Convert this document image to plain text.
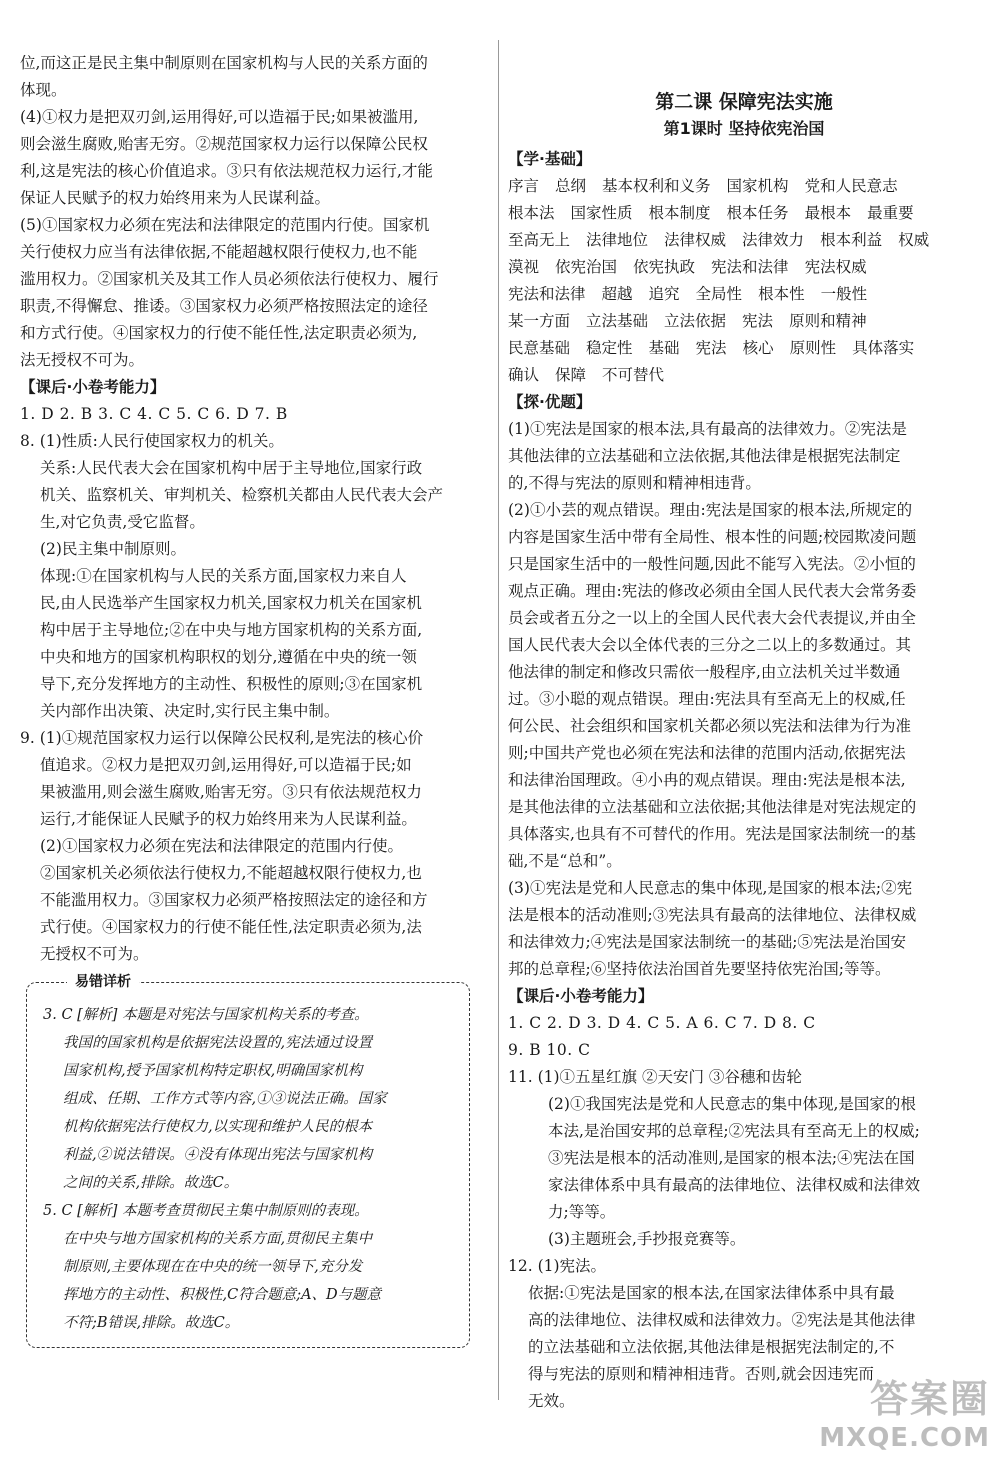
位,而这正是民主集中制原则在国家机构与人民的关系方面的

体现。

(4)①权力是把双刃剑,运用得好,可以造福于民;如果被滥用,

则会滋生腐败,贻害无穷。②规范国家权力运行以保障公民权

利,这是宪法的核心价值追求。③只有依法规范权力运行,才能

保证人民赋予的权力始终用来为人民谋利益。

(5)①国家权力必须在宪法和法律限定的范围内行使。国家机

关行使权力应当有法律依据,不能超越权限行使权力,也不能

滥用权力。②国家机关及其工作人员必须依法行使权力、履行

职责,不得懈怠、推诿。③国家权力必须严格按照法定的途径

和方式行使。④国家权力的行使不能任性,法定职责必须为,

法无授权不可为。

【课后·小卷考能力】

1. D 2. B 3. C 4. C 5. C 6. D 7. B

8. (1)性质:人民行使国家权力的机关。

关系:人民代表大会在国家机构中居于主导地位,国家行政

机关、监察机关、审判机关、检察机关都由人民代表大会产

生,对它负责,受它监督。

(2)民主集中制原则。

体现:①在国家机构与人民的关系方面,国家权力来自人

民,由人民选举产生国家权力机关,国家权力机关在国家机

构中居于主导地位;②在中央与地方国家机构的关系方面,

中央和地方的国家机构职权的划分,遵循在中央的统一领

导下,充分发挥地方的主动性、积极性的原则;③在国家机

关内部作出决策、决定时,实行民主集中制。

9. (1)①规范国家权力运行以保障公民权利,是宪法的核心价

值追求。②权力是把双刃剑,运用得好,可以造福于民;如

果被滥用,则会滋生腐败,贻害无穷。③只有依法规范权力

运行,才能保证人民赋予的权力始终用来为人民谋利益。

(2)①国家权力必须在宪法和法律限定的范围内行使。

②国家机关必须依法行使权力,不能超越权限行使权力,也

不能滥用权力。③国家权力必须严格按照法定的途径和方

式行使。④国家权力的行使不能任性,法定职责必须为,法

无授权不可为。

易错详析

3. C [解析] 本题是对宪法与国家机构关系的考查。

我国的国家机构是依据宪法设置的,宪法通过设置

国家机构,授予国家机构特定职权,明确国家机构

组成、任期、工作方式等内容,①③说法正确。国家

机构依据宪法行使权力,以实现和维护人民的根本

利益,②说法错误。④没有体现出宪法与国家机构

之间的关系,排除。故选C。

5. C [解析] 本题考查贯彻民主集中制原则的表现。

在中央与地方国家机构的关系方面,贯彻民主集中

制原则,主要体现在在中央的统一领导下,充分发

挥地方的主动性、积极性,C符合题意;A、D与题意

不符;B错误,排除。故选C。

第二课 保障宪法实施
第1课时 坚持依宪治国

【学·基础】

序言 总纲 基本权利和义务 国家机构 党和人民意志
根本法 国家性质 根本制度 根本任务 最根本 最重要
至高无上 法律地位 法律权威 法律效力 根本利益 权威
漠视 依宪治国 依宪执政 宪法和法律 宪法权威
宪法和法律 超越 追究 全局性 根本性 一般性
某一方面 立法基础 立法依据 宪法 原则和精神
民意基础 稳定性 基础 宪法 核心 原则性 具体落实
确认 保障 不可替代

【探·优题】

(1)①宪法是国家的根本法,具有最高的法律效力。②宪法是

其他法律的立法基础和立法依据,其他法律是根据宪法制定

的,不得与宪法的原则和精神相违背。

(2)①小芸的观点错误。理由:宪法是国家的根本法,所规定的

内容是国家生活中带有全局性、根本性的问题;校园欺凌问题

只是国家生活中的一般性问题,因此不能写入宪法。②小恒的

观点正确。理由:宪法的修改必须由全国人民代表大会常务委

员会或者五分之一以上的全国人民代表大会代表提议,并由全

国人民代表大会以全体代表的三分之二以上的多数通过。其

他法律的制定和修改只需依一般程序,由立法机关过半数通

过。③小聪的观点错误。理由:宪法具有至高无上的权威,任

何公民、社会组织和国家机关都必须以宪法和法律为行为准

则;中国共产党也必须在宪法和法律的范围内活动,依据宪法

和法律治国理政。④小冉的观点错误。理由:宪法是根本法,

是其他法律的立法基础和立法依据;其他法律是对宪法规定的

具体落实,也具有不可替代的作用。宪法是国家法制统一的基

础,不是“总和”。

(3)①宪法是党和人民意志的集中体现,是国家的根本法;②宪

法是根本的活动准则;③宪法具有最高的法律地位、法律权威

和法律效力;④宪法是国家法制统一的基础;⑤宪法是治国安

邦的总章程;⑥坚持依法治国首先要坚持依宪治国;等等。

【课后·小卷考能力】

1. C 2. D 3. D 4. C 5. A 6. C 7. D 8. C

9. B 10. C

11. (1)①五星红旗 ②天安门 ③谷穗和齿轮

(2)①我国宪法是党和人民意志的集中体现,是国家的根

本法,是治国安邦的总章程;②宪法具有至高无上的权威;

③宪法是根本的活动准则,是国家的根本法;④宪法在国

家法律体系中具有最高的法律地位、法律权威和法律效

力;等等。

(3)主题班会,手抄报竞赛等。

12. (1)宪法。

依据:①宪法是国家的根本法,在国家法律体系中具有最

高的法律地位、法律权威和法律效力。②宪法是其他法律

的立法基础和立法依据,其他法律是根据宪法制定的,不

得与宪法的原则和精神相违背。否则,就会因违宪而

无效。	答案圈
MXQE.COM
